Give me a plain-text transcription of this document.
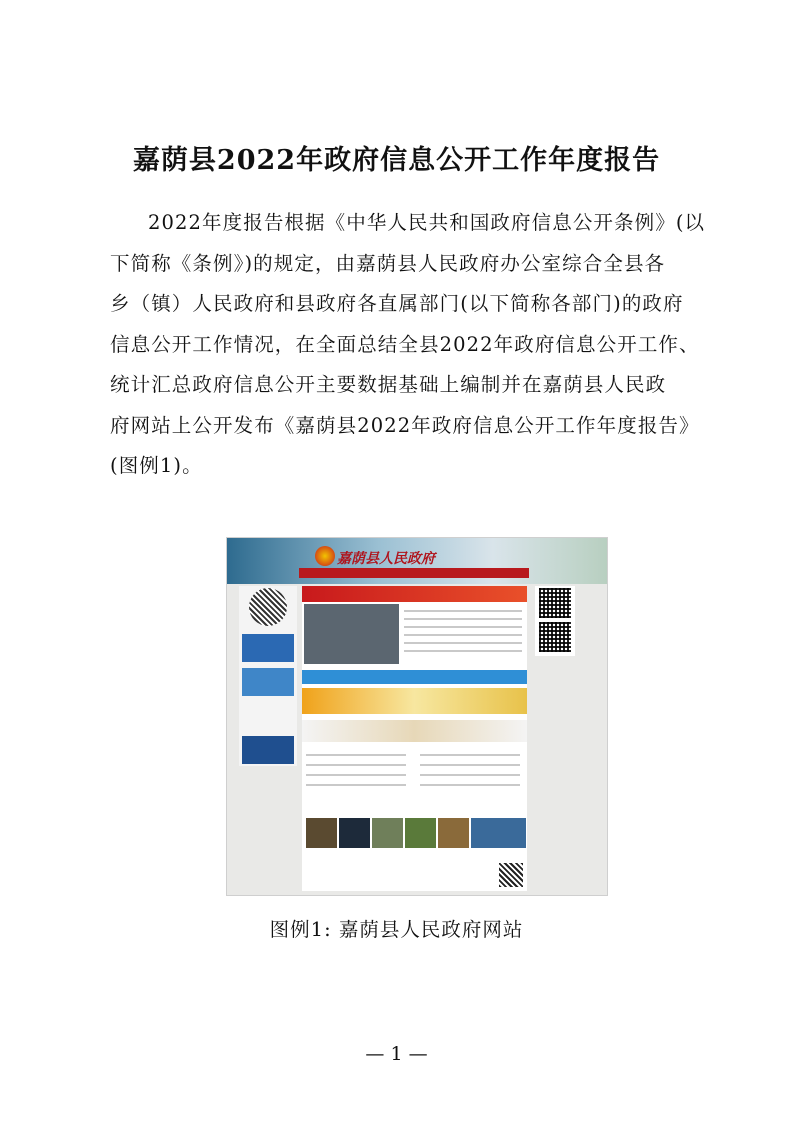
嘉荫县2022年政府信息公开工作年度报告

2022年度报告根据《中华人民共和国政府信息公开条例》(以
下简称《条例》)的规定，由嘉荫县人民政府办公室综合全县各
乡（镇）人民政府和县政府各直属部门(以下简称各部门)的政府
信息公开工作情况，在全面总结全县2022年政府信息公开工作、
统计汇总政府信息公开主要数据基础上编制并在嘉荫县人民政
府网站上公开发布《嘉荫县2022年政府信息公开工作年度报告》
(图例1)。

嘉荫县人民政府
图例1: 嘉荫县人民政府网站
— 1 —
